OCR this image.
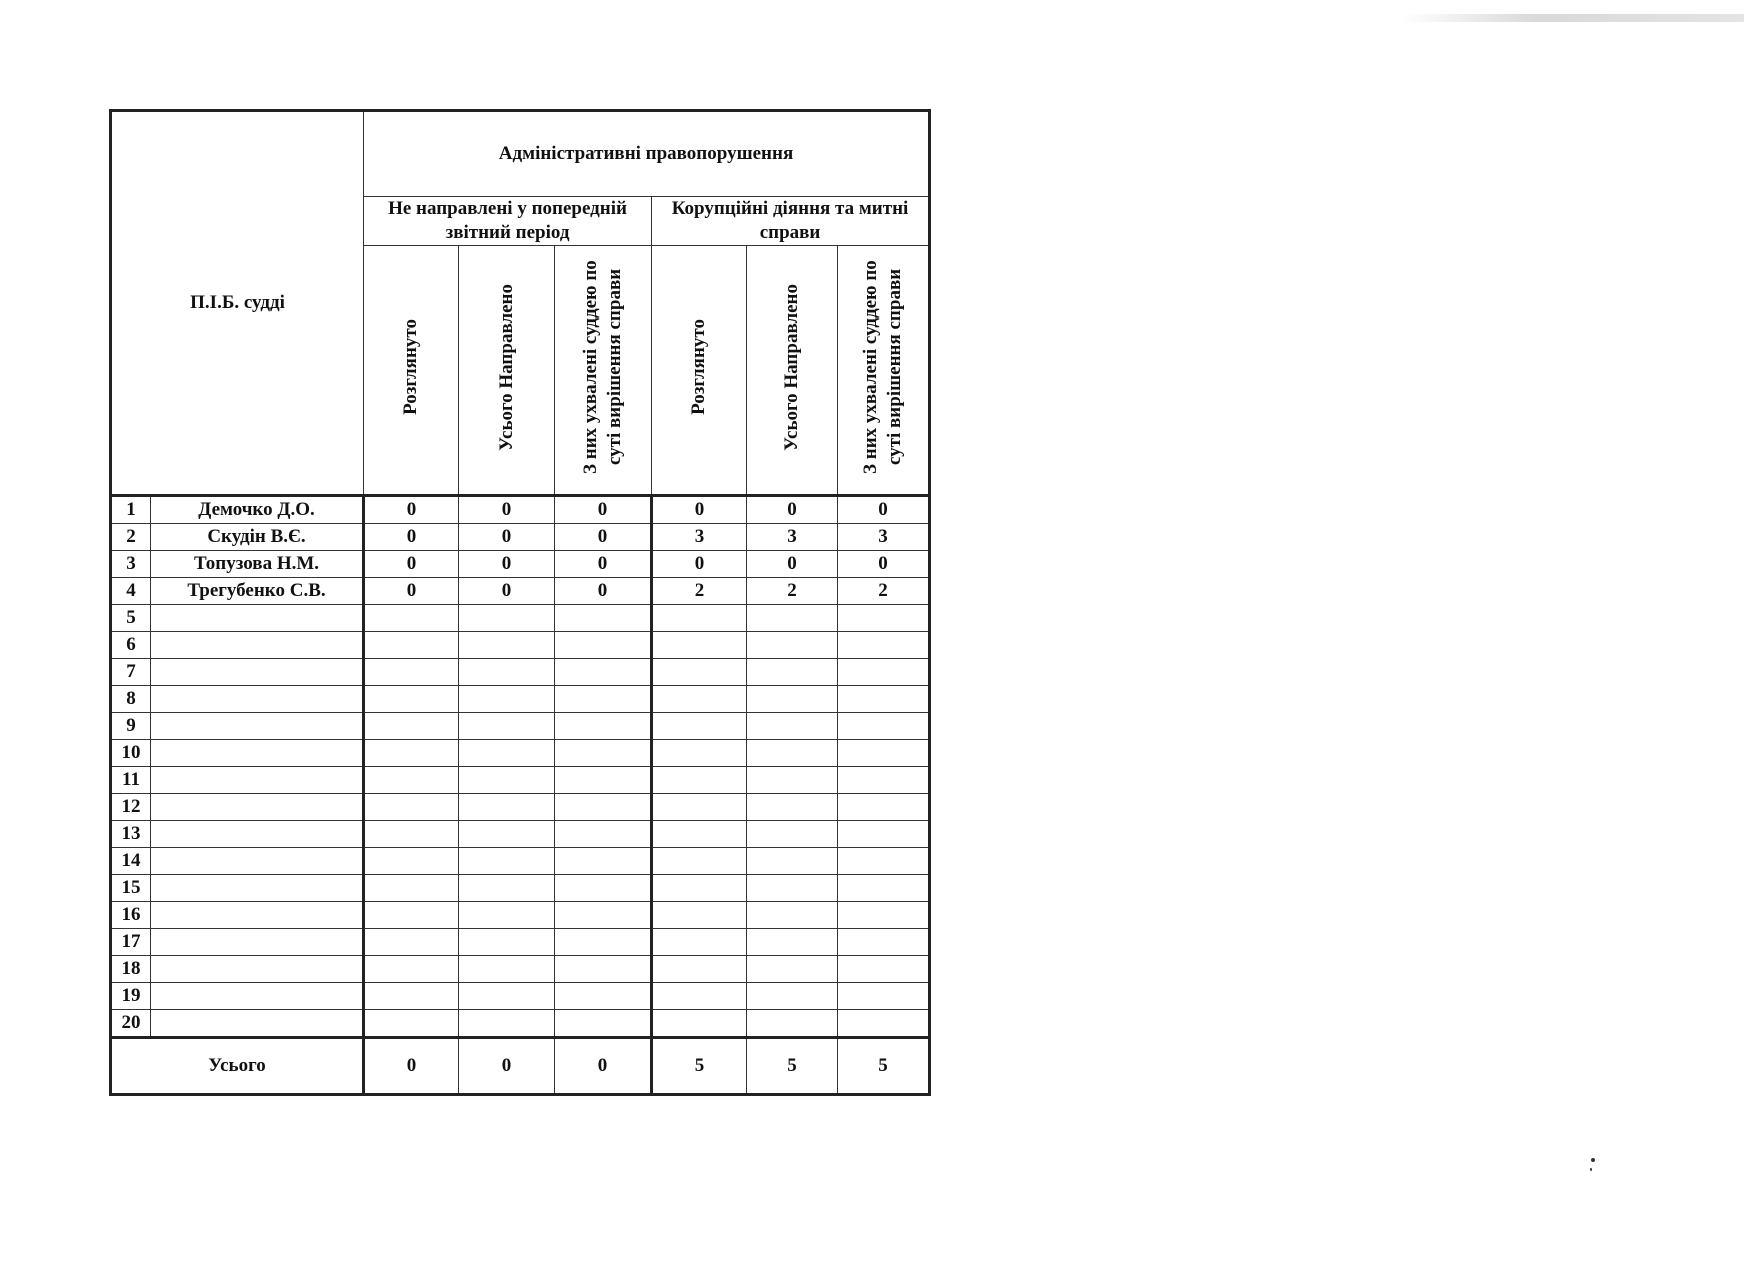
П.І.Б. судді		Адміністративні правопорушення					
		Не направлені у попередній звітний період			Корупційні діяння та митні справи		
		Розглянуто	Усього Направлено	З них ухвалені суддею по суті вирішення справи	Розглянуто	Усього Направлено	З них ухвалені суддею по суті вирішення справи
1	Демочко Д.О.	0	0	0	0	0	0
2	Скудін В.Є.	0	0	0	3	3	3
3	Топузова Н.М.	0	0	0	0	0	0
4	Трегубенко С.В.	0	0	0	2	2	2
5							
6							
7							
8							
9							
10							
11							
12							
13							
14							
15							
16							
17							
18							
19							
20							
Усього		0	0	0	5	5	5
